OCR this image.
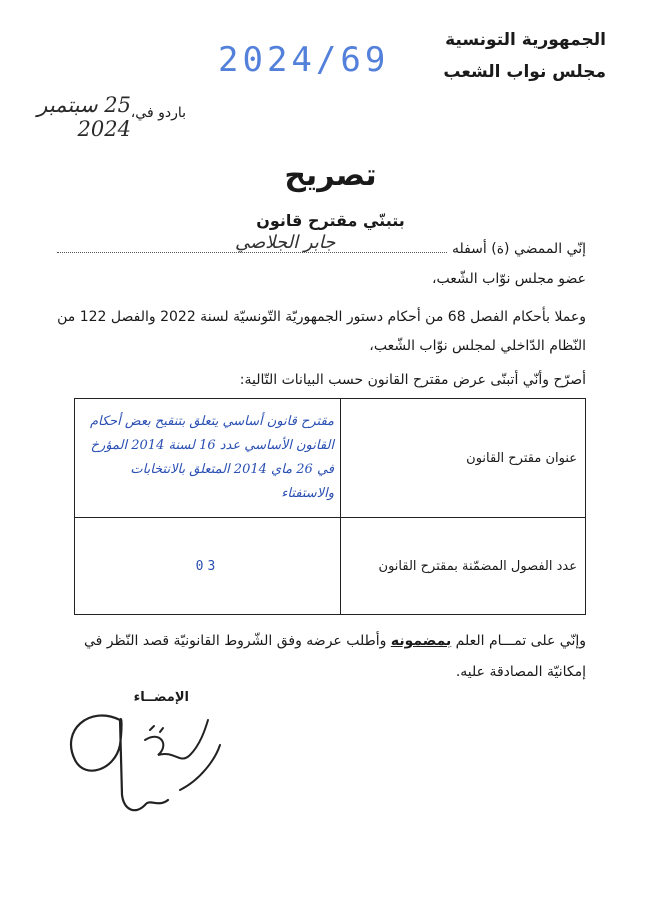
الجمهورية التونسية
مجلس نواب الشعب
2024/69
باردو في،
25 سبتمبر 2024
تصريح
بتبنّي مقترح قانون
إنّي الممضي (ة) أسفله
جابر الجلاصي
عضو مجلس نوّاب الشّعب،
وعملا بأحكام الفصل 68 من أحكام دستور الجمهوريّة التّونسيّة لسنة 2022 والفصل 122 من
النّظام الدّاخلي لمجلس نوّاب الشّعب،
أصرّح وأنّي أتبنّى عرض مقترح القانون حسب البيانات التّالية:
عنوان مقترح القانون	مقترح قانون أساسي يتعلق بتنقيح بعض أحكام القانون الأساسي عدد 16 لسنة 2014 المؤرخ في 26 ماي 2014 المتعلق بالانتخابات والاستفتاء
عدد الفصول المضمّنة بمقترح القانون	03
وإنّي على تمـــام العلم بمضمونه وأطلب عرضه وفق الشّروط القانونيّة قصد النّظر في
إمكانيّة المصادقة عليه.
الإمضــاء
